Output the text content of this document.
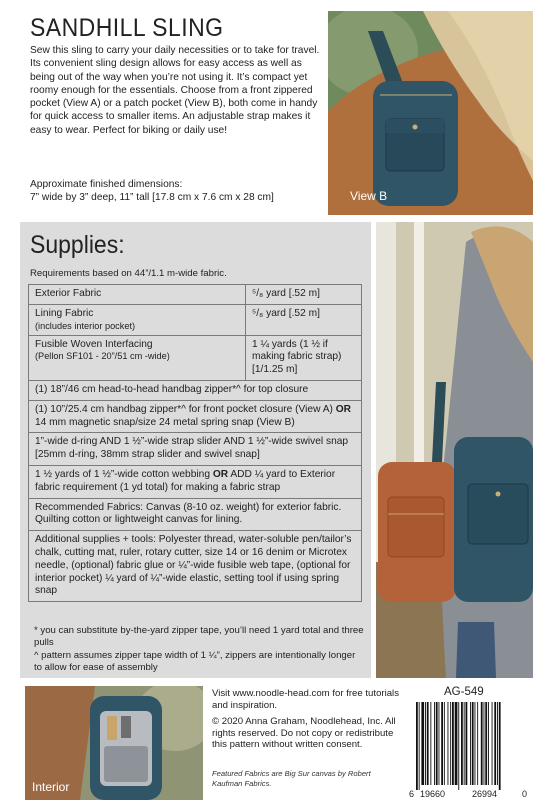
SANDHILL SLING
Sew this sling to carry your daily necessities or to take for travel. Its convenient sling design allows for easy access as well as being out of the way when you’re not using it. It’s compact yet roomy enough for the essentials. Choose from a front zippered pocket (View A) or a patch pocket (View B), both come in handy for quick access to smaller items. An adjustable strap makes it easy to wear. Perfect for biking or daily use!
Approximate finished dimensions:
7” wide by 3” deep, 11” tall [17.8 cm x 7.6 cm x 28 cm]	View B
Supplies:
Requirements based on 44”/1.1 m-wide fabric.
Exterior Fabric	⁵/₈ yard [.52 m]
Lining Fabric
(includes interior pocket)	⁵/₈ yard [.52 m]
Fusible Woven Interfacing
(Pellon SF101 - 20”/51 cm -wide)	1 ¼ yards (1 ½ if making fabric strap) [1/1.25 m]
(1) 18”/46 cm head-to-head handbag zipper*^ for top closure	
(1) 10”/25.4 cm handbag zipper*^ for front pocket closure (View A) OR 14 mm magnetic snap/size 24 metal spring snap (View B)	
1”-wide d-ring AND 1 ½”-wide strap slider AND 1 ½”-wide swivel snap [25mm d-ring, 38mm strap slider and swivel snap]	
1 ½ yards of 1 ½”-wide cotton webbing OR ADD ¼ yard to Exterior fabric requirement (1 yd total) for making a fabric strap	
Recommended Fabrics: Canvas (8-10 oz. weight) for exterior fabric. Quilting cotton or lightweight canvas for lining.	
Additional supplies + tools: Polyester thread, water-soluble pen/tailor’s chalk, cutting mat, ruler, rotary cutter, size 14 or 16 denim or Microtex needle, (optional) fabric glue or ¼”-wide fusible web tape, (optional for interior pocket) ¼ yard of ¼”-wide elastic, setting tool if using spring snap	
* you can substitute by-the-yard zipper tape, you’ll need 1 yard total and three pulls
^ pattern assumes zipper tape width of 1 ¼”, zippers are intentionally longer to allow for ease of assembly
Interior
Visit www.noodle-head.com for free tutorials and inspiration.
© 2020 Anna Graham, Noodlehead, Inc. All rights reserved. Do not copy or redistribute this pattern without written consent.
Featured Fabrics are Big Sur canvas by Robert Kaufman Fabrics.
AG-549
6 19660	26994	0
